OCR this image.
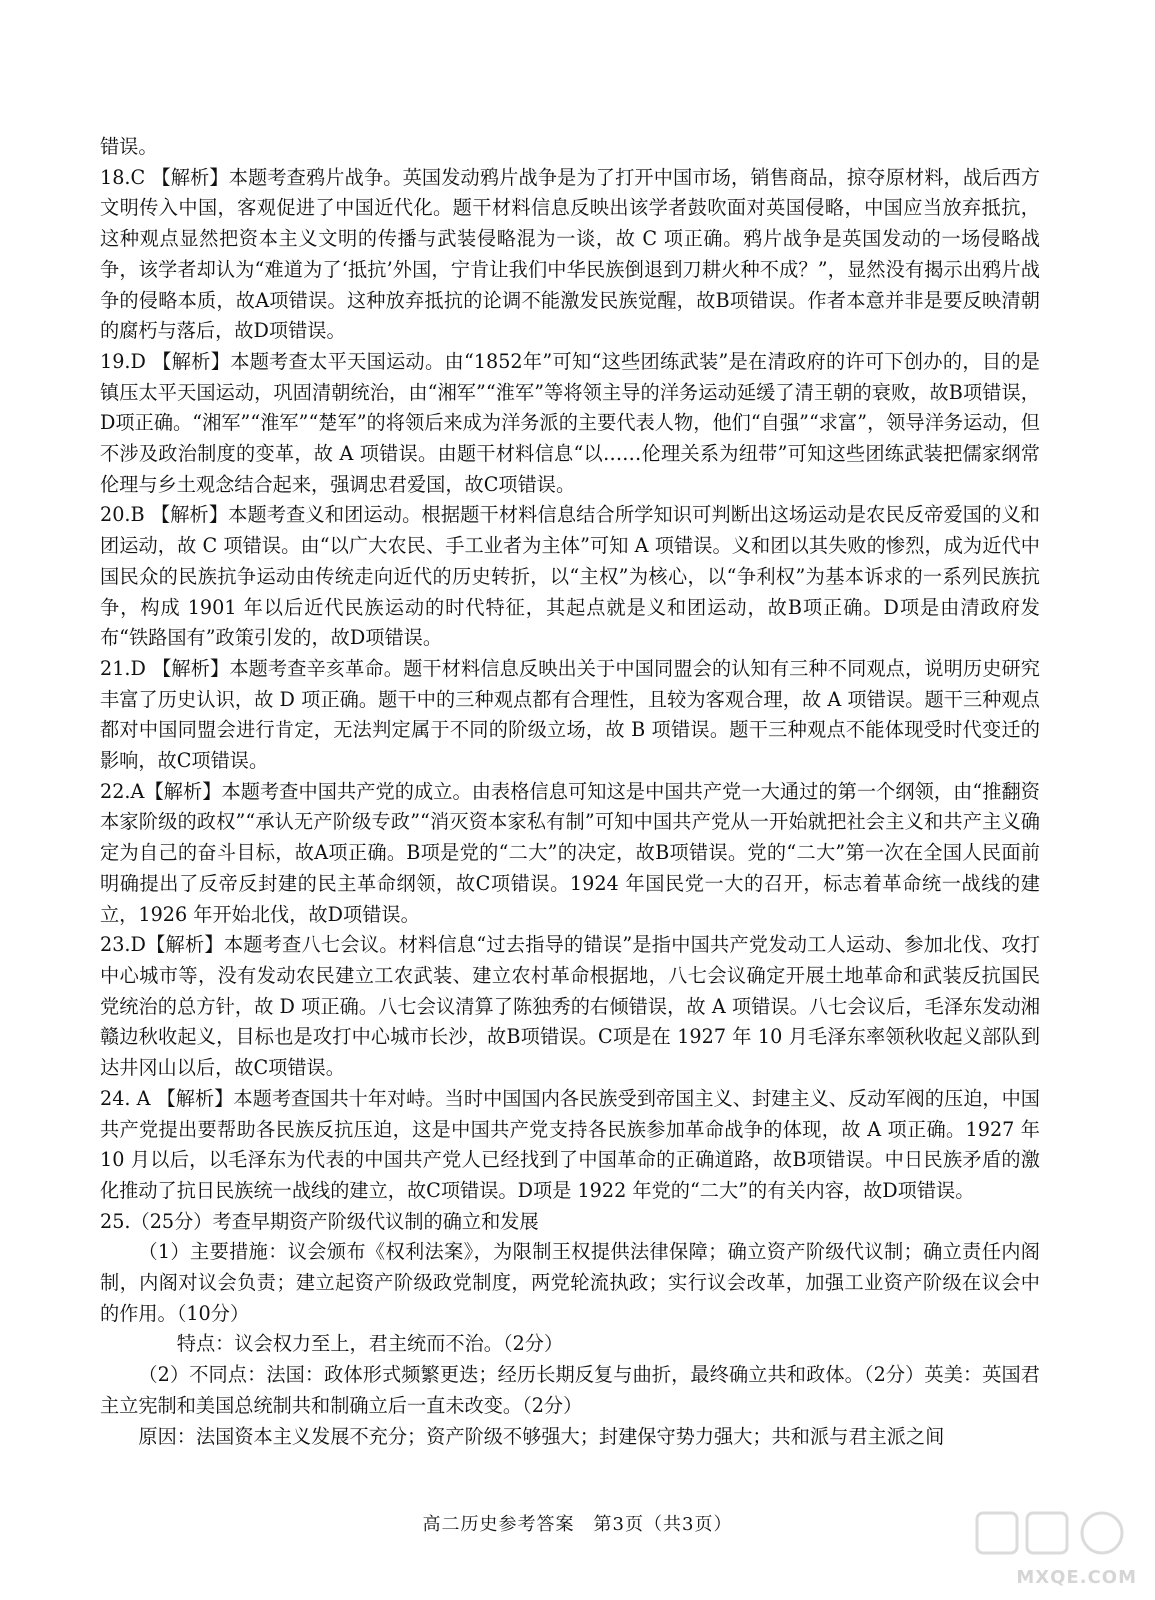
错误。

18.C 【解析】本题考查鸦片战争。英国发动鸦片战争是为了打开中国市场，销售商品，掠夺原材料，战后西方文明传入中国，客观促进了中国近代化。题干材料信息反映出该学者鼓吹面对英国侵略，中国应当放弃抵抗，这种观点显然把资本主义文明的传播与武装侵略混为一谈，故 C 项正确。鸦片战争是英国发动的一场侵略战争，该学者却认为“难道为了‘抵抗’外国，宁肯让我们中华民族倒退到刀耕火种不成？”，显然没有揭示出鸦片战争的侵略本质，故A项错误。这种放弃抵抗的论调不能激发民族觉醒，故B项错误。作者本意并非是要反映清朝的腐朽与落后，故D项错误。

19.D 【解析】本题考查太平天国运动。由“1852年”可知“这些团练武装”是在清政府的许可下创办的，目的是镇压太平天国运动，巩固清朝统治，由“湘军”“淮军”等将领主导的洋务运动延缓了清王朝的衰败，故B项错误，D项正确。“湘军”“淮军”“楚军”的将领后来成为洋务派的主要代表人物，他们“自强”“求富”，领导洋务运动，但不涉及政治制度的变革，故 A 项错误。由题干材料信息“以……伦理关系为纽带”可知这些团练武装把儒家纲常伦理与乡土观念结合起来，强调忠君爱国，故C项错误。

20.B 【解析】本题考查义和团运动。根据题干材料信息结合所学知识可判断出这场运动是农民反帝爱国的义和团运动，故 C 项错误。由“以广大农民、手工业者为主体”可知 A 项错误。义和团以其失败的惨烈，成为近代中国民众的民族抗争运动由传统走向近代的历史转折，以“主权”为核心，以“争利权”为基本诉求的一系列民族抗争，构成 1901 年以后近代民族运动的时代特征，其起点就是义和团运动，故B项正确。D项是由清政府发布“铁路国有”政策引发的，故D项错误。

21.D 【解析】本题考查辛亥革命。题干材料信息反映出关于中国同盟会的认知有三种不同观点，说明历史研究丰富了历史认识，故 D 项正确。题干中的三种观点都有合理性，且较为客观合理，故 A 项错误。题干三种观点都对中国同盟会进行肯定，无法判定属于不同的阶级立场，故 B 项错误。题干三种观点不能体现受时代变迁的影响，故C项错误。

22.A【解析】本题考查中国共产党的成立。由表格信息可知这是中国共产党一大通过的第一个纲领，由“推翻资本家阶级的政权”“承认无产阶级专政”“消灭资本家私有制”可知中国共产党从一开始就把社会主义和共产主义确定为自己的奋斗目标，故A项正确。B项是党的“二大”的决定，故B项错误。党的“二大”第一次在全国人民面前明确提出了反帝反封建的民主革命纲领，故C项错误。1924 年国民党一大的召开，标志着革命统一战线的建立，1926 年开始北伐，故D项错误。

23.D【解析】本题考查八七会议。材料信息“过去指导的错误”是指中国共产党发动工人运动、参加北伐、攻打中心城市等，没有发动农民建立工农武装、建立农村革命根据地，八七会议确定开展土地革命和武装反抗国民党统治的总方针，故 D 项正确。八七会议清算了陈独秀的右倾错误，故 A 项错误。八七会议后，毛泽东发动湘赣边秋收起义，目标也是攻打中心城市长沙，故B项错误。C项是在 1927 年 10 月毛泽东率领秋收起义部队到达井冈山以后，故C项错误。

24. A 【解析】本题考查国共十年对峙。当时中国国内各民族受到帝国主义、封建主义、反动军阀的压迫，中国共产党提出要帮助各民族反抗压迫，这是中国共产党支持各民族参加革命战争的体现，故 A 项正确。1927 年 10 月以后，以毛泽东为代表的中国共产党人已经找到了中国革命的正确道路，故B项错误。中日民族矛盾的激化推动了抗日民族统一战线的建立，故C项错误。D项是 1922 年党的“二大”的有关内容，故D项错误。

25.（25分）考查早期资产阶级代议制的确立和发展

（1）主要措施：议会颁布《权利法案》，为限制王权提供法律保障；确立资产阶级代议制；确立责任内阁制，内阁对议会负责；建立起资产阶级政党制度，两党轮流执政；实行议会改革，加强工业资产阶级在议会中的作用。（10分）

特点：议会权力至上，君主统而不治。（2分）

（2）不同点：法国：政体形式频繁更迭；经历长期反复与曲折，最终确立共和政体。（2分）英美：英国君主立宪制和美国总统制共和制确立后一直未改变。（2分）

原因：法国资本主义发展不充分；资产阶级不够强大；封建保守势力强大；共和派与君主派之间

高二历史参考答案　第3页（共3页）
MXQE.COM
